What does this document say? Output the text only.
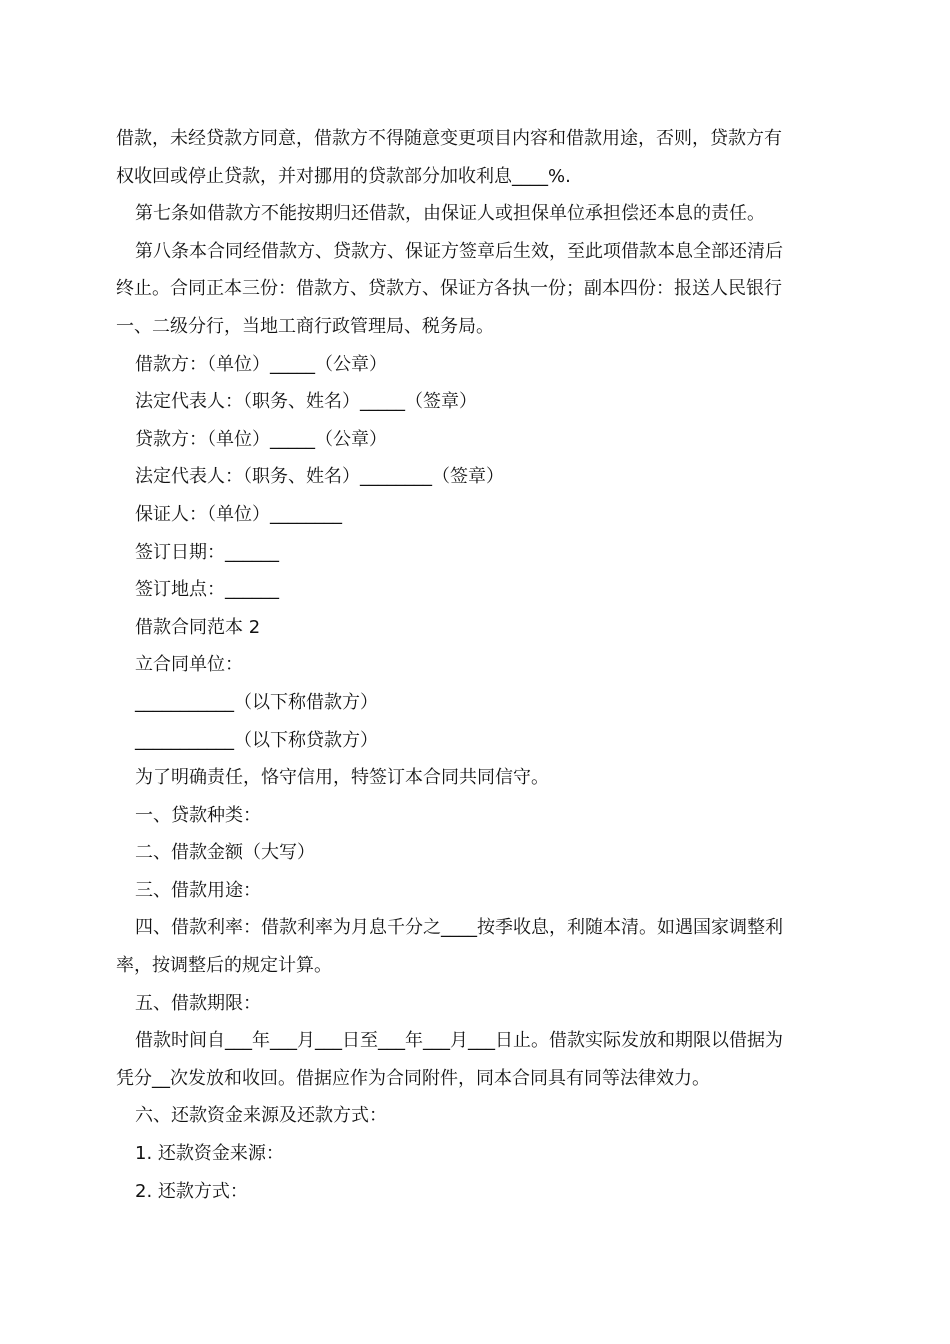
借款，未经贷款方同意，借款方不得随意变更项目内容和借款用途，否则，贷款方有
权收回或停止贷款，并对挪用的贷款部分加收利息____%.
第七条如借款方不能按期归还借款，由保证人或担保单位承担偿还本息的责任。
第八条本合同经借款方、贷款方、保证方签章后生效，至此项借款本息全部还清后
终止。合同正本三份：借款方、贷款方、保证方各执一份；副本四份：报送人民银行
一、二级分行，当地工商行政管理局、税务局。
借款方：（单位）_____（公章）
法定代表人：（职务、姓名）_____（签章）
贷款方：（单位）_____（公章）
法定代表人：（职务、姓名）________（签章）
保证人：（单位）________
签订日期：______
签订地点：______
借款合同范本 2
立合同单位：
___________（以下称借款方）
___________（以下称贷款方）
为了明确责任，恪守信用，特签订本合同共同信守。
一、贷款种类：
二、借款金额（大写）
三、借款用途：
四、借款利率：借款利率为月息千分之____按季收息，利随本清。如遇国家调整利
率，按调整后的规定计算。
五、借款期限：
借款时间自___年___月___日至___年___月___日止。借款实际发放和期限以借据为
凭分__次发放和收回。借据应作为合同附件，同本合同具有同等法律效力。
六、还款资金来源及还款方式：
1. 还款资金来源：
2. 还款方式：
